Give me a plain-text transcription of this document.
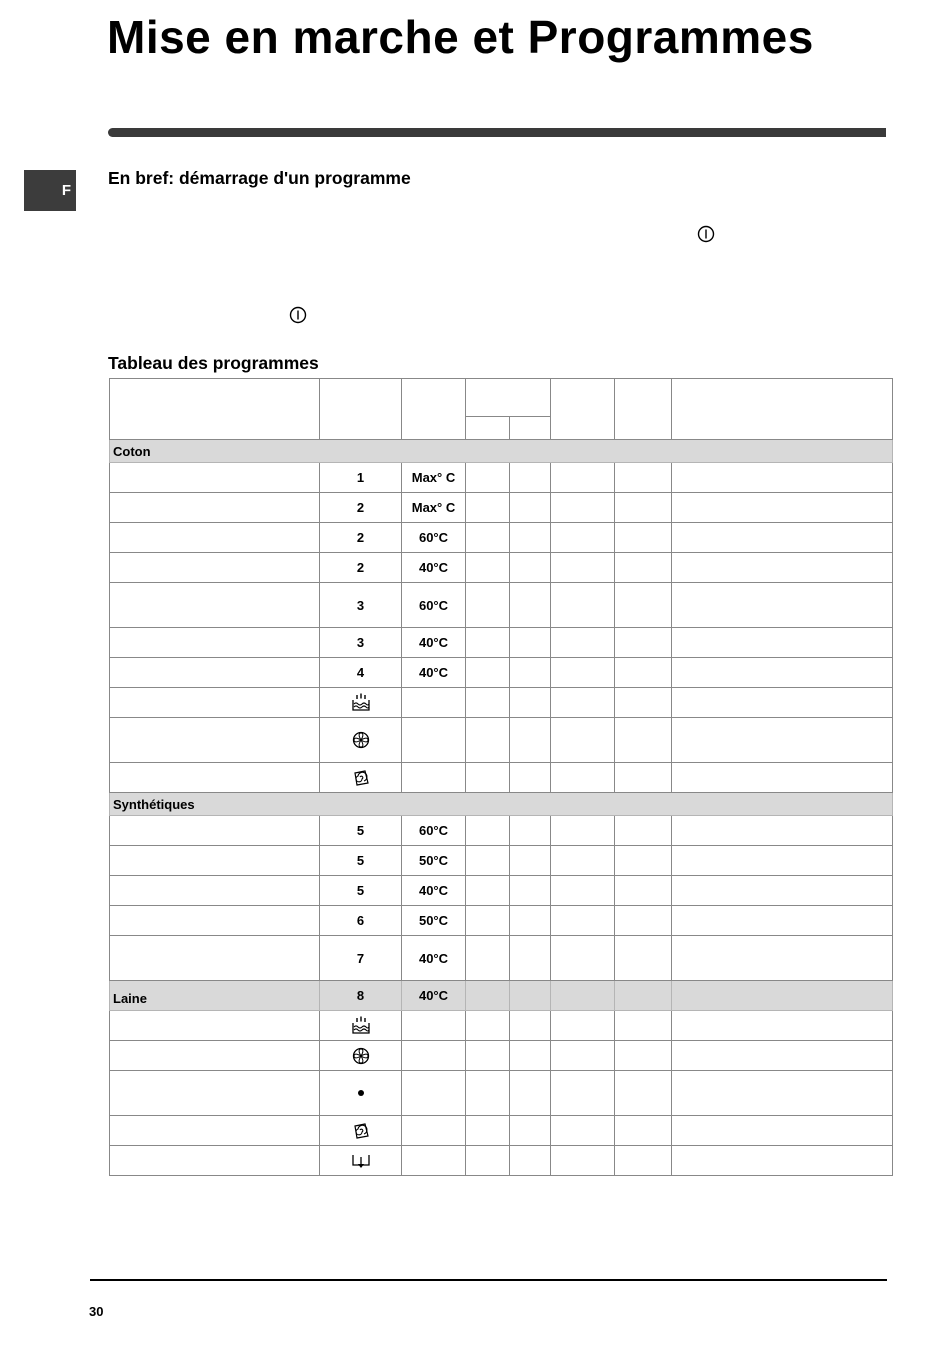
Mise en marche et Programmes
F
En bref: démarrage d'un programme
Tableau des programmes

Coton							
	1	Max° C					
	2	Max° C					
	2	60°C					
	2	40°C					
	3	60°C					
	3	40°C					
	4	40°C					

Synthétiques							
	5	60°C					
	5	50°C					
	5	40°C					
	6	50°C					
	7	40°C					
Laine	8	40°C					

30
